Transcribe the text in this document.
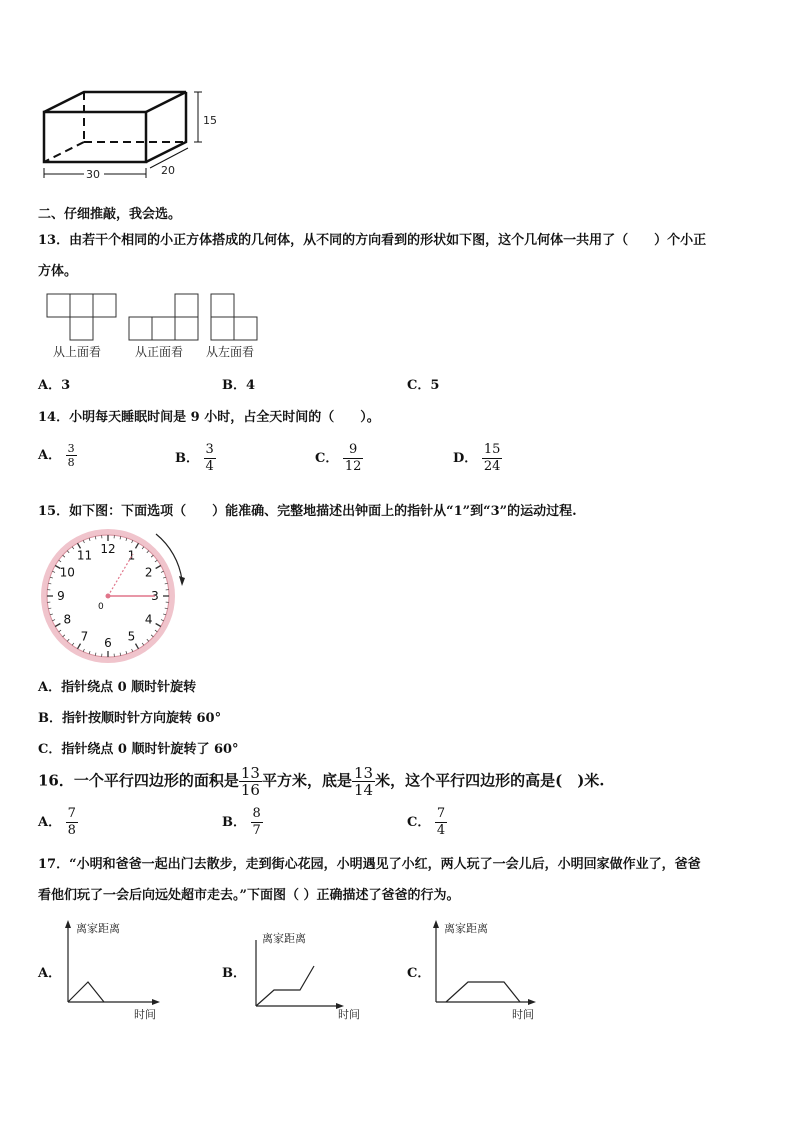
15
30	20
二、仔细推敲，我会选。
13．由若干个相同的小正方体搭成的几何体，从不同的方向看到的形状如下图，这个几何体一共用了（　　）个小正
方体。
从上面看	从正面看 从左面看
A．3	B．4	C．5
14．小明每天睡眠时间是 9 小时，占全天时间的（　　）。
A． $\frac{3}{8}$	B． $\frac{3}{4}$	C． $\frac{9}{12}$	D． $\frac{15}{24}$
15．如下图：下面选项（　　）能准确、完整地描述出钟面上的指针从“1”到“3”的运动过程.
12 1
2
3
4
5
6
7
8
9
10
11
0
A．指针绕点 0 顺时针旋转
B．指针按顺时针方向旋转 60°
C．指针绕点 0 顺时针旋转了 60°
16．一个平行四边形的面积是 $\frac{13}{16}$ 平方米，底是 $\frac{13}{14}$ 米，这个平行四边形的高是(　)米.
A． $\frac{7}{8}$	B． $\frac{8}{7}$	C． $\frac{7}{4}$
17．“小明和爸爸一起出门去散步，走到街心花园，小明遇见了小红，两人玩了一会儿后，小明回家做作业了，爸爸
看他们玩了一会后向远处超市走去。”下面图（ ）正确描述了爸爸的行为。
A．
离家距离
时间
B．
离家距离
时间
C．
离家距离
时间
